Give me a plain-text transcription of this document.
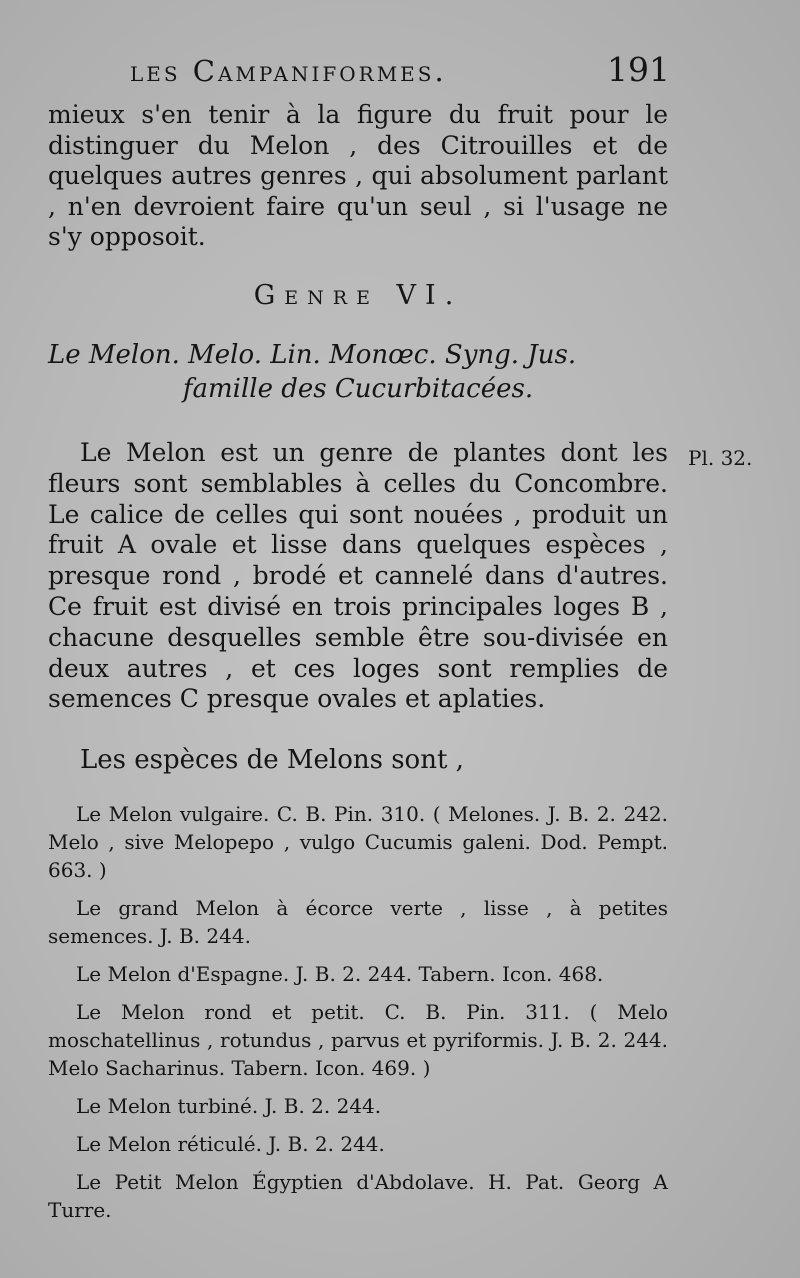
les Campaniformes.	191

mieux s'en tenir à la figure du fruit pour le distinguer du Melon , des Citrouilles et de quelques autres genres , qui absolument parlant , n'en devroient faire qu'un seul , si l'usage ne s'y opposoit.

Genre VI.
Le Melon. Melo. Lin. Monœc. Syng. Jus.
famille des Cucurbitacées.

Le Melon est un genre de plantes dont les fleurs sont semblables à celles du Concombre. Le calice de celles qui sont nouées , produit un fruit A ovale et lisse dans quelques espèces , presque rond , brodé et cannelé dans d'autres. Ce fruit est divisé en trois principales loges B , chacune desquelles semble être sou-divisée en deux autres , et ces loges sont remplies de semences C presque ovales et aplaties.

Pl. 32.
Les espèces de Melons sont ,

Le Melon vulgaire. C. B. Pin. 310. ( Melones. J. B. 2. 242. Melo , sive Melopepo , vulgo Cucumis galeni. Dod. Pempt. 663. )

Le grand Melon à écorce verte , lisse , à petites semences. J. B. 244.

Le Melon d'Espagne. J. B. 2. 244. Tabern. Icon. 468.

Le Melon rond et petit. C. B. Pin. 311. ( Melo moschatellinus , rotundus , parvus et pyriformis. J. B. 2. 244. Melo Sacharinus. Tabern. Icon. 469. )

Le Melon turbiné. J. B. 2. 244.

Le Melon réticulé. J. B. 2. 244.

Le Petit Melon Égyptien d'Abdolave. H. Pat. Georg A Turre.
